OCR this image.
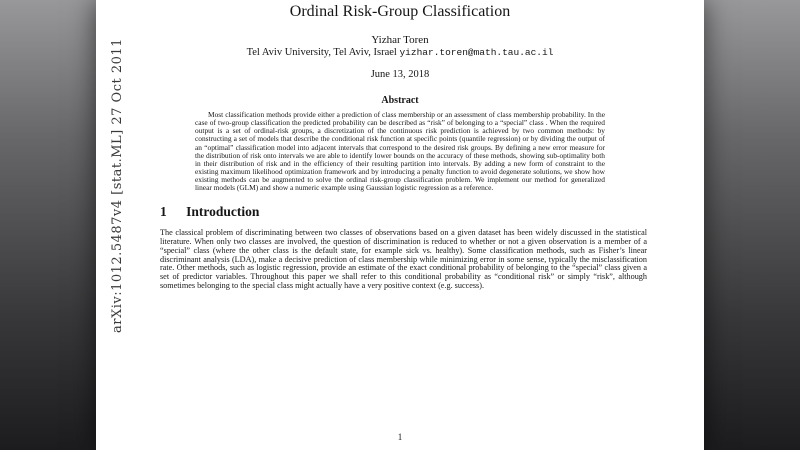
arXiv:1012.5487v4 [stat.ML] 27 Oct 2011
Ordinal Risk-Group Classification
Yizhar Toren
Tel Aviv University, Tel Aviv, Israel yizhar.toren@math.tau.ac.il
June 13, 2018
Abstract

Most classification methods provide either a prediction of class membership or an assessment of class membership probability. In the case of two-group classification the predicted probability can be described as “risk” of belonging to a “special” class . When the required output is a set of ordinal-risk groups, a discretization of the continuous risk prediction is achieved by two common methods: by constructing a set of models that describe the conditional risk function at specific points (quantile regression) or by dividing the output of an “optimal” classification model into adjacent intervals that correspond to the desired risk groups. By defining a new error measure for the distribution of risk onto intervals we are able to identify lower bounds on the accuracy of these methods, showing sub-optimality both in their distribution of risk and in the efficiency of their resulting partition into intervals. By adding a new form of constraint to the existing maximum likelihood optimization framework and by introducing a penalty function to avoid degenerate solutions, we show how existing methods can be augmented to solve the ordinal risk-group classification problem. We implement our method for generalized linear models (GLM) and show a numeric example using Gaussian logistic regression as a reference.

1 Introduction

The classical problem of discriminating between two classes of observations based on a given dataset has been widely discussed in the statistical literature. When only two classes are involved, the question of discrimination is reduced to whether or not a given observation is a member of a “special” class (where the other class is the default state, for example sick vs. healthy). Some classification methods, such as Fisher’s linear discriminant analysis (LDA), make a decisive prediction of class membership while minimizing error in some sense, typically the misclassification rate. Other methods, such as logistic regression, provide an estimate of the exact conditional probability of belonging to the “special” class given a set of predictor variables. Throughout this paper we shall refer to this conditional probability as “conditional risk” or simply “risk”, although sometimes belonging to the special class might actually have a very positive context (e.g. success).

1
